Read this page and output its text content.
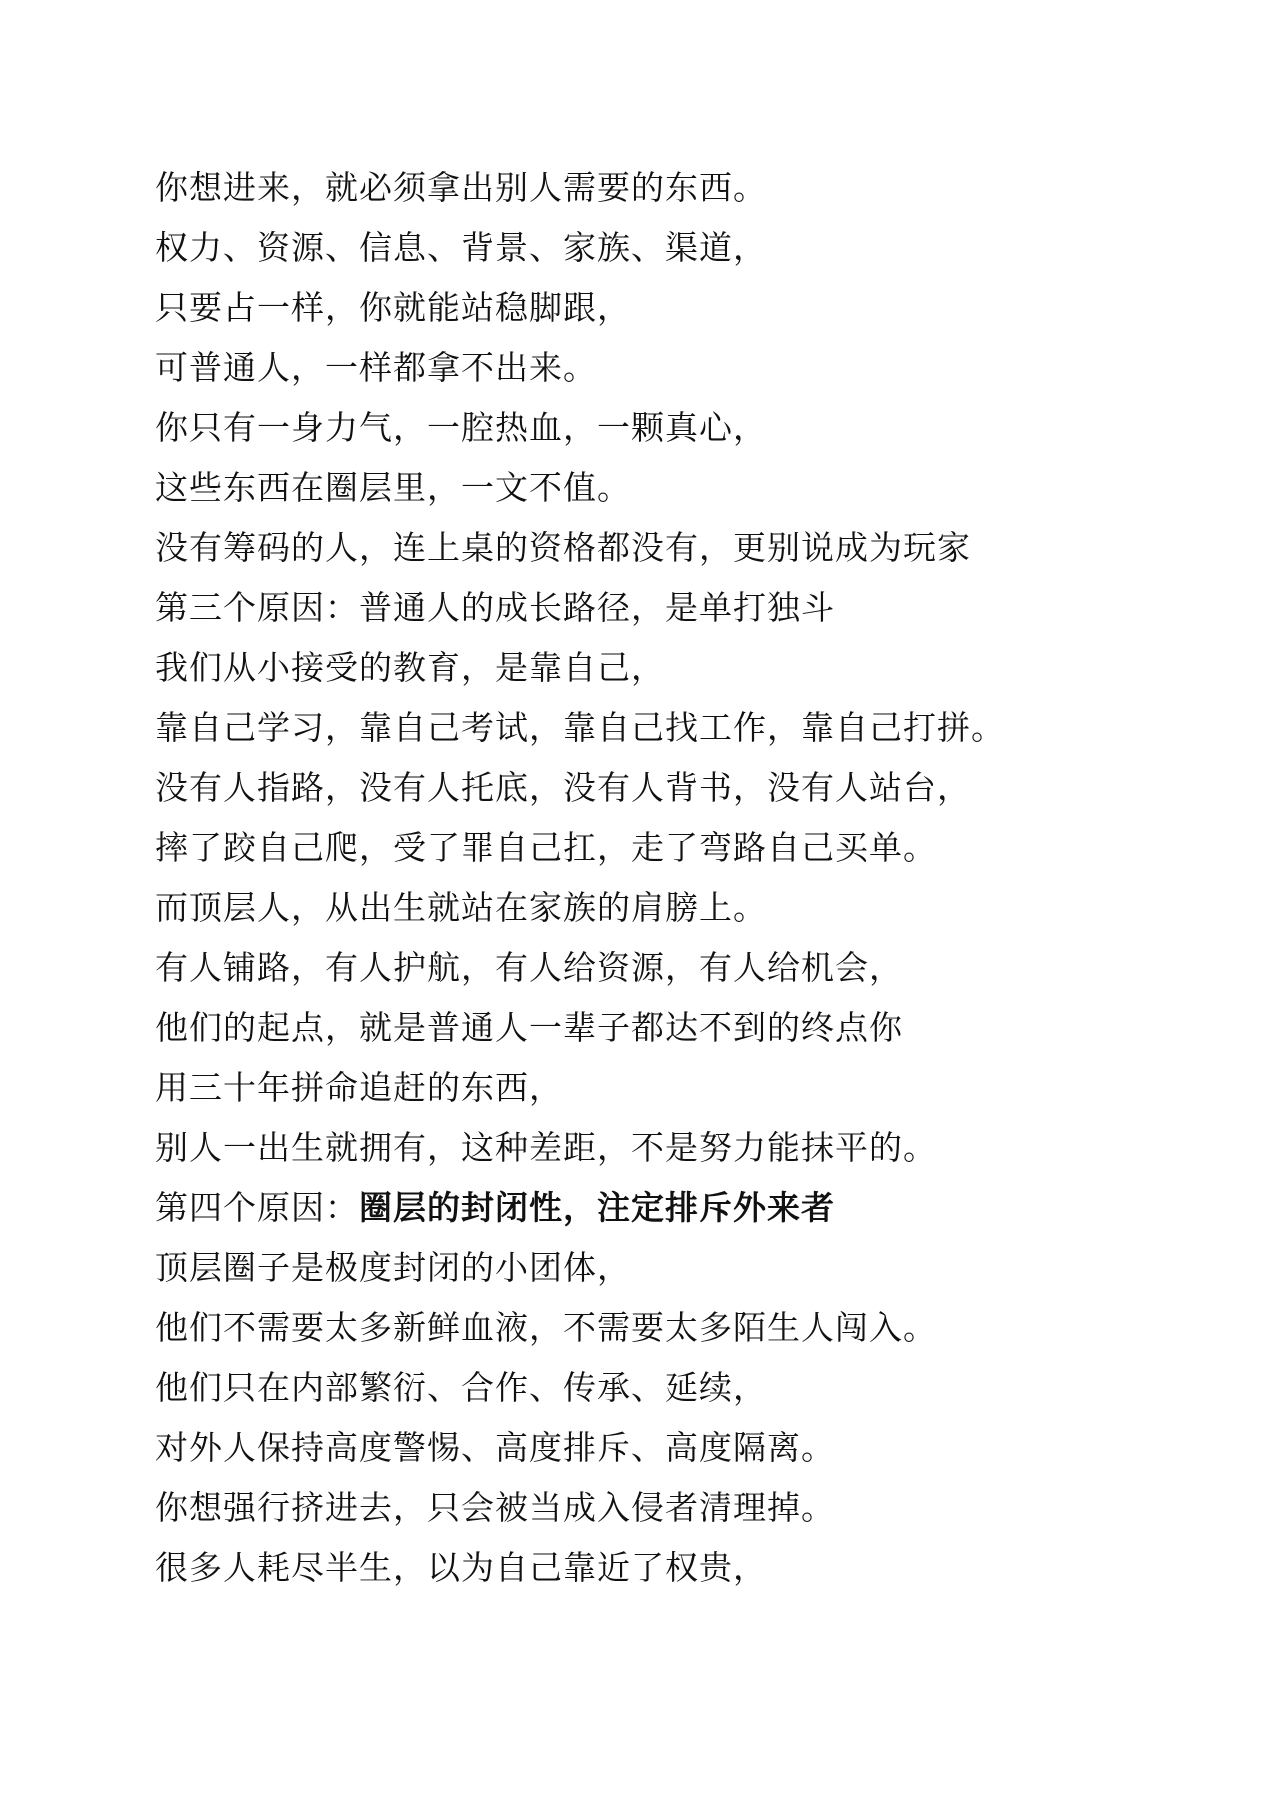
你想进来，就必须拿出别人需要的东西。
权力、资源、信息、背景、家族、渠道，
只要占一样，你就能站稳脚跟，
可普通人，一样都拿不出来。
你只有一身力气，一腔热血，一颗真心，
这些东西在圈层里，一文不值。
没有筹码的人，连上桌的资格都没有，更别说成为玩家
第三个原因：普通人的成长路径，是单打独斗
我们从小接受的教育，是靠自己，
靠自己学习，靠自己考试，靠自己找工作，靠自己打拼。
没有人指路，没有人托底，没有人背书，没有人站台，
摔了跤自己爬，受了罪自己扛，走了弯路自己买单。
而顶层人，从出生就站在家族的肩膀上。
有人铺路，有人护航，有人给资源，有人给机会，
他们的起点，就是普通人一辈子都达不到的终点你
用三十年拼命追赶的东西，
别人一出生就拥有，这种差距，不是努力能抹平的。
第四个原因：圈层的封闭性，注定排斥外来者
顶层圈子是极度封闭的小团体，
他们不需要太多新鲜血液，不需要太多陌生人闯入。
他们只在内部繁衍、合作、传承、延续，
对外人保持高度警惕、高度排斥、高度隔离。
你想强行挤进去，只会被当成入侵者清理掉。
很多人耗尽半生，以为自己靠近了权贵，
